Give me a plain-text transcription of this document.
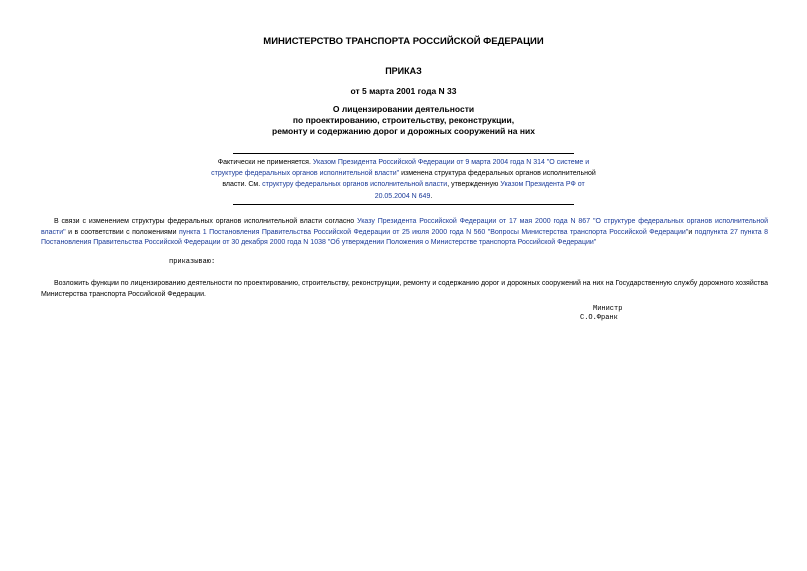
МИНИСТЕРСТВО ТРАНСПОРТА РОССИЙСКОЙ ФЕДЕРАЦИИ
ПРИКАЗ
от 5 марта 2001 года N 33
О лицензировании деятельности
по проектированию, строительству, реконструкции,
ремонту и содержанию дорог и дорожных сооружений на них
Фактически не применяется. Указом Президента Российской Федерации от 9 марта 2004 года N 314 "О системе и структуре федеральных органов исполнительной власти" изменена структура федеральных органов исполнительной власти. См. структуру федеральных органов исполнительной власти, утвержденную Указом Президента РФ от 20.05.2004 N 649.
В связи с изменением структуры федеральных органов исполнительной власти согласно Указу Президента Российской Федерации от 17 мая 2000 года N 867 "О структуре федеральных органов исполнительной власти" и в соответствии с положениями пункта 1 Постановления Правительства Российской Федерации от 25 июля 2000 года N 560 "Вопросы Министерства транспорта Российской Федерации"и подпункта 27 пункта 8 Постановления Правительства Российской Федерации от 30 декабря 2000 года N 1038 "Об утверждении Положения о Министерстве транспорта Российской Федерации"
приказываю:
Возложить функции по лицензированию деятельности по проектированию, строительству, реконструкции, ремонту и содержанию дорог и дорожных сооружений на них на Государственную службу дорожного хозяйства Министерства транспорта Российской Федерации.
Министр
С.О.Франк
